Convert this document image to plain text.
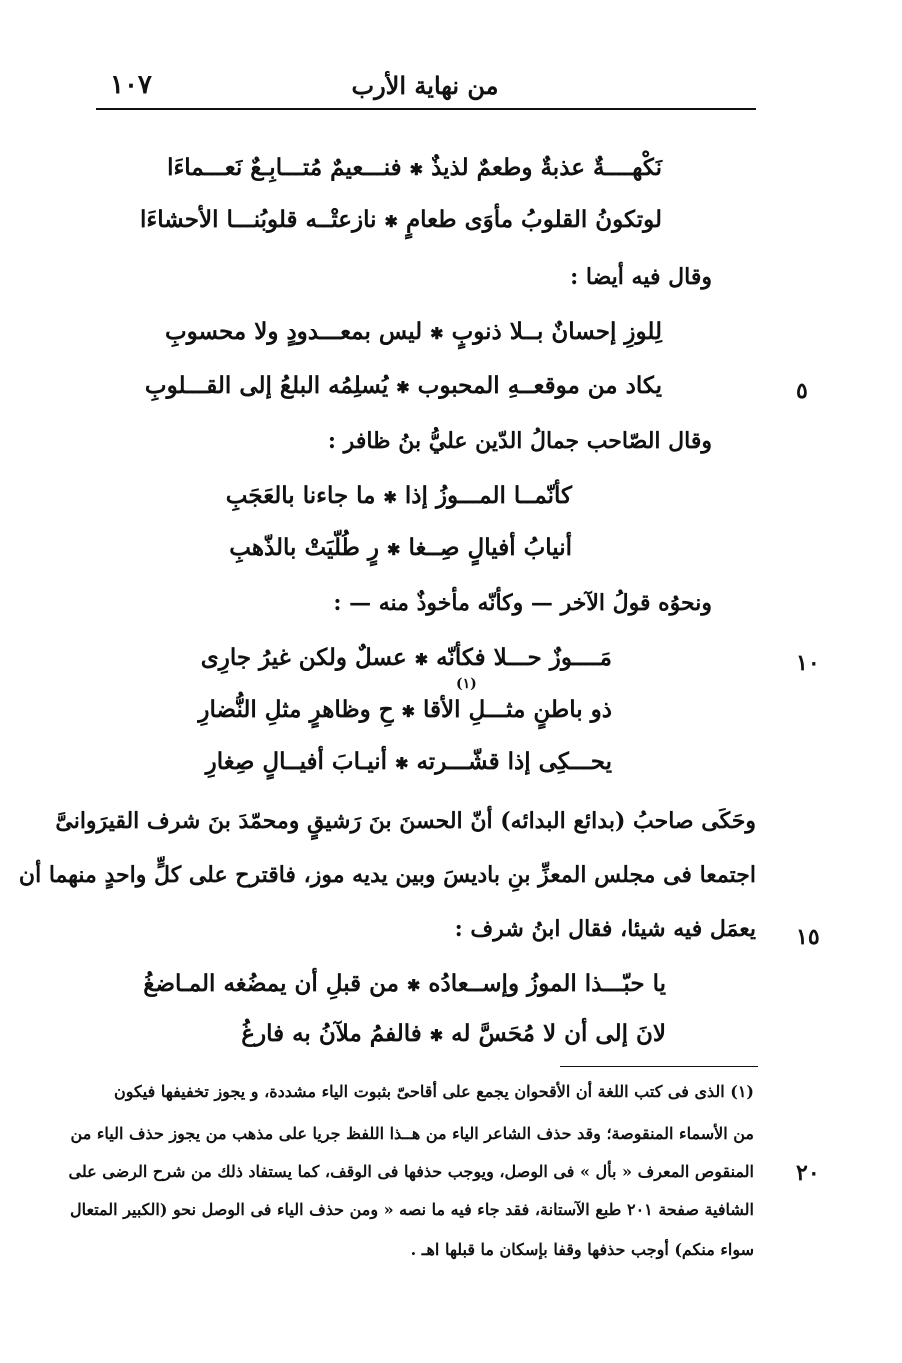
١٠٧	من نهاية الأرب
نَكْهــــةٌ عذبةٌ وطعمٌ لذيذٌ✱فنـــعيمٌ مُتـــابِـعٌ نَعـــماءَا
لوتكونُ القلوبُ مأوَى طعامٍ✱نازعتْــه قلوبُنـــا الأحشاءَا
وقال فيه أيضا :
لِلوزِ إحسانٌ بــلا ذنوبٍ✱ليس بمعـــدودٍ ولا محسوبِ
يكاد من موقعــهِ المحبوب✱يُسلِمُه البلعُ إلى القـــلوبِ	٥
وقال الصّاحب جمالُ الدّين عليُّ بنُ ظافر :
كأنّمــا المـــوزُ إذا✱ما جاءنا بالعَجَبِ
أنيابُ أفيالٍ صِــغا✱رٍ طُلّيَتْ بالذّهبِ
ونحوُه قولُ الآخر — وكأنّه مأخوذٌ منه — :
مَــــوزٌ حـــلا فكأنّه✱عسلٌ ولكن غيرُ جارِى	١٠
(١)
ذو باطنٍ مثـــلِ الأقا✱حِ وظاهرٍ مثلِ النُّضارِ
يحـــكِى إذا قشّـــرته✱أنيـابَ أفيــالٍ صِغارِ
وحَكَى صاحبُ (بدائع البدائه) أنّ الحسنَ بنَ رَشيقٍ ومحمّدَ بنَ شرف القيرَوانىَّ
اجتمعا فى مجلس المعزِّ بنِ باديسَ وبين يديه موز، فاقترح على كلٍّ واحدٍ منهما أن
يعمَل فيه شيئا، فقال ابنُ شرف : ١٥
يا حبّـــذا الموزُ وإســعادُه✱من قبلِ أن يمضُغه المـاضغُ
لانَ إلى أن لا مُحَسَّ له✱فالفمُ ملآنُ به فارغُ
(١) الذى فى كتب اللغة أن الأقحوان يجمع على أقاحىّ بثبوت الياء مشددة، و يجوز تخفيفها فيكون
من الأسماء المنقوصة؛ وقد حذف الشاعر الياء من هــذا اللفظ جريا على مذهب من يجوز حذف الياء من
المنقوص المعرف « بأل » فى الوصل، ويوجب حذفها فى الوقف، كما يستفاد ذلك من شرح الرضى على ٢٠
الشافية صفحة ٢٠١ طبع الآستانة، فقد جاء فيه ما نصه « ومن حذف الياء فى الوصل نحو (الكبير المتعال
سواء منكم) أوجب حذفها وقفا بإسكان ما قبلها اهـ .
